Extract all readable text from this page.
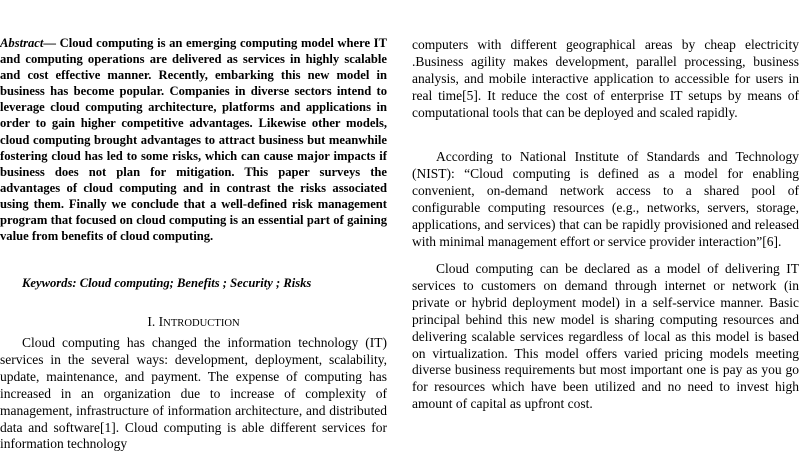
Abstract— Cloud computing is an emerging computing model where IT and computing operations are delivered as services in highly scalable and cost effective manner. Recently, embarking this new model in business has become popular. Companies in diverse sectors intend to leverage cloud computing architecture, platforms and applications in order to gain higher competitive advantages. Likewise other models, cloud computing brought advantages to attract business but meanwhile fostering cloud has led to some risks, which can cause major impacts if business does not plan for mitigation. This paper surveys the advantages of cloud computing and in contrast the risks associated using them. Finally we conclude that a well-defined risk management program that focused on cloud computing is an essential part of gaining value from benefits of cloud computing.

Keywords: Cloud computing; Benefits ; Security ; Risks

I. INTRODUCTION

Cloud computing has changed the information technology (IT) services in the several ways: development, deployment, scalability, update, maintenance, and payment. The expense of computing has increased in an organization due to increase of complexity of management, infrastructure of information architecture, and distributed data and software[1]. Cloud computing is able different services for information technology

computers with different geographical areas by cheap electricity .Business agility makes development, parallel processing, business analysis, and mobile interactive application to accessible for users in real time[5]. It reduce the cost of enterprise IT setups by means of computational tools that can be deployed and scaled rapidly.

According to National Institute of Standards and Technology (NIST): “Cloud computing is defined as a model for enabling convenient, on-demand network access to a shared pool of configurable computing resources (e.g., networks, servers, storage, applications, and services) that can be rapidly provisioned and released with minimal management effort or service provider interaction”[6].

Cloud computing can be declared as a model of delivering IT services to customers on demand through internet or network (in private or hybrid deployment model) in a self-service manner. Basic principal behind this new model is sharing computing resources and delivering scalable services regardless of local as this model is based on virtualization. This model offers varied pricing models meeting diverse business requirements but most important one is pay as you go for resources which have been utilized and no need to invest high amount of capital as upfront cost.
